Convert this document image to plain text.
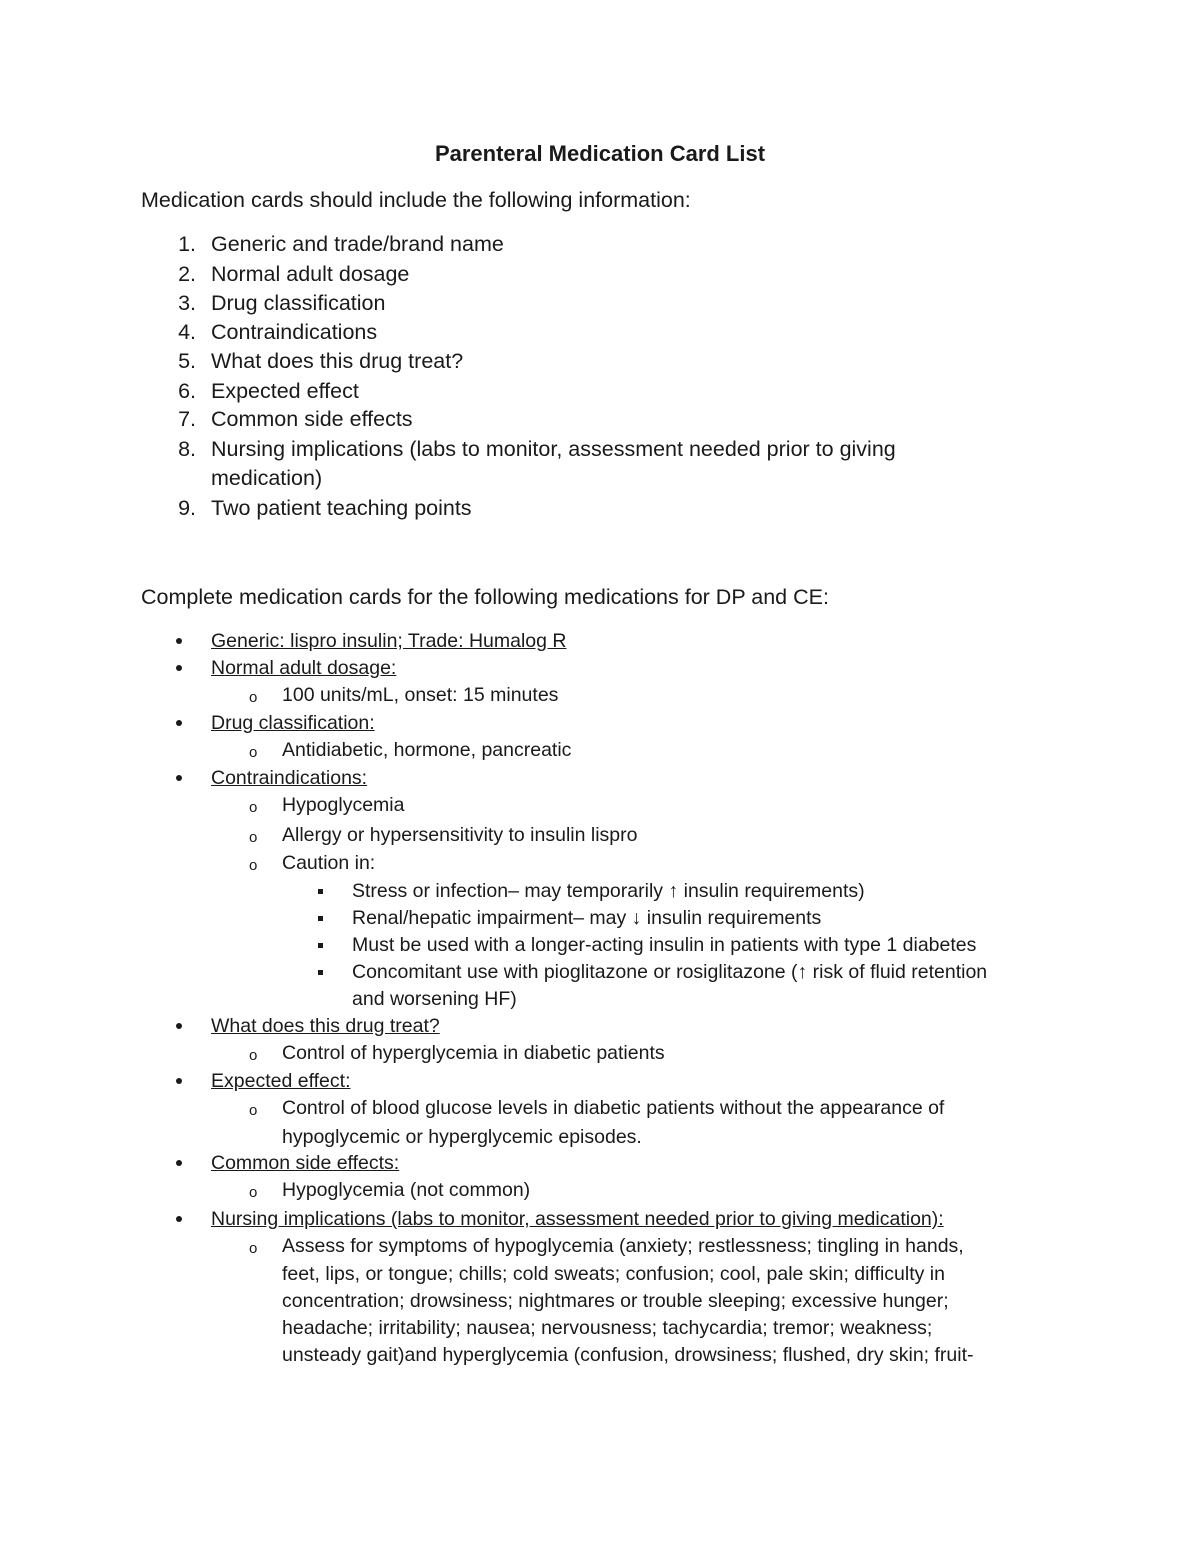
Parenteral Medication Card List

Medication cards should include the following information:

1. Generic and trade/brand name
2. Normal adult dosage
3. Drug classification
4. Contraindications
5. What does this drug treat?
6. Expected effect
7. Common side effects
8. Nursing implications (labs to monitor, assessment needed prior to giving
medication)
9. Two patient teaching points

Complete medication cards for the following medications for DP and CE:

Generic: lispro insulin; Trade: Humalog R
Normal adult dosage:
o 100 units/mL, onset: 15 minutes
Drug classification:
o Antidiabetic, hormone, pancreatic
Contraindications:
o Hypoglycemia
o Allergy or hypersensitivity to insulin lispro
o Caution in:
Stress or infection– may temporarily ↑ insulin requirements)
Renal/hepatic impairment– may ↓ insulin requirements
Must be used with a longer-acting insulin in patients with type 1 diabetes
Concomitant use with pioglitazone or rosiglitazone (↑ risk of fluid retention
and worsening HF)
What does this drug treat?
o Control of hyperglycemia in diabetic patients
Expected effect:
o Control of blood glucose levels in diabetic patients without the appearance of
hypoglycemic or hyperglycemic episodes.
Common side effects:
o Hypoglycemia (not common)
Nursing implications (labs to monitor, assessment needed prior to giving medication):
o Assess for symptoms of hypoglycemia (anxiety; restlessness; tingling in hands,
feet, lips, or tongue; chills; cold sweats; confusion; cool, pale skin; difficulty in
concentration; drowsiness; nightmares or trouble sleeping; excessive hunger;
headache; irritability; nausea; nervousness; tachycardia; tremor; weakness;
unsteady gait)and hyperglycemia (confusion, drowsiness; flushed, dry skin; fruit-
